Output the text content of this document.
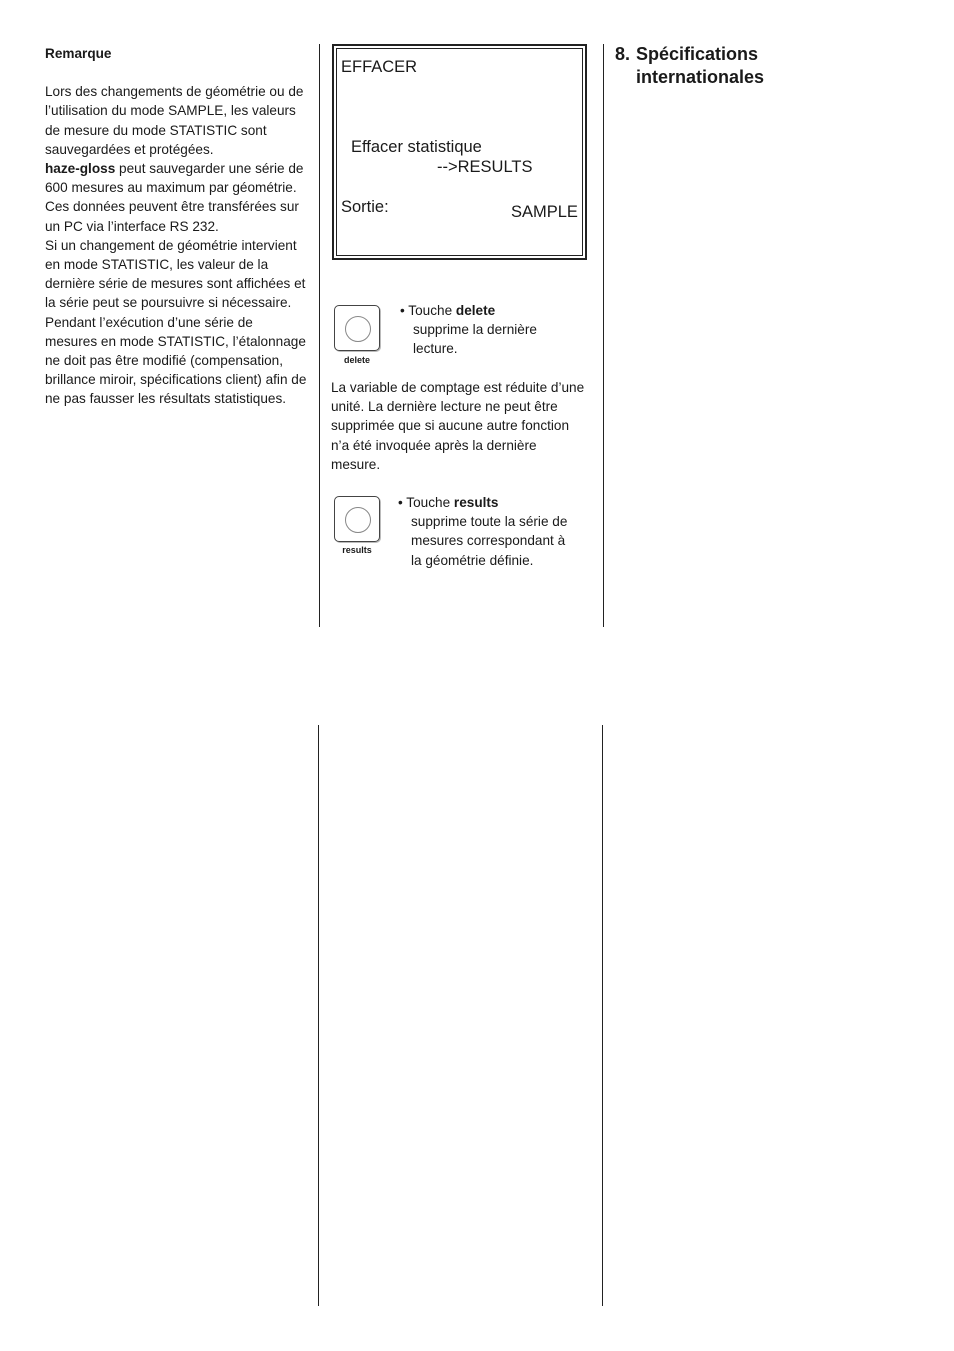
Remarque

Lors des changements de géométrie ou de l’utilisation du mode SAMPLE, les valeurs de mesure du mode STATISTIC sont sauvegardées et protégées.

haze-gloss peut sauvegarder une série de 600 mesures au maximum par géométrie. Ces données peuvent être transférées sur un PC via l’interface RS 232.

Si un changement de géométrie intervient en mode STATISTIC, les valeur de la dernière série de mesures sont affichées et la série peut se poursuivre si nécessaire.

Pendant l’exécution d’une série de mesures en mode STATISTIC, l’étalonnage ne doit pas être modifié (compensation, brillance miroir, spécifications client) afin de ne pas fausser les résultats statistiques.

EFFACER
Effacer statistique
-->RESULTS
Sortie:	SAMPLE
delete
• Touche delete
supprime la dernière
lecture.

La variable de comptage est réduite d’une unité. La dernière lecture ne peut être supprimée que si aucune autre fonction n’a été invoquée après la dernière mesure.

results
• Touche results
supprime toute la série de
mesures correspondant à
la géométrie définie.
8. Spécifications
internationales
